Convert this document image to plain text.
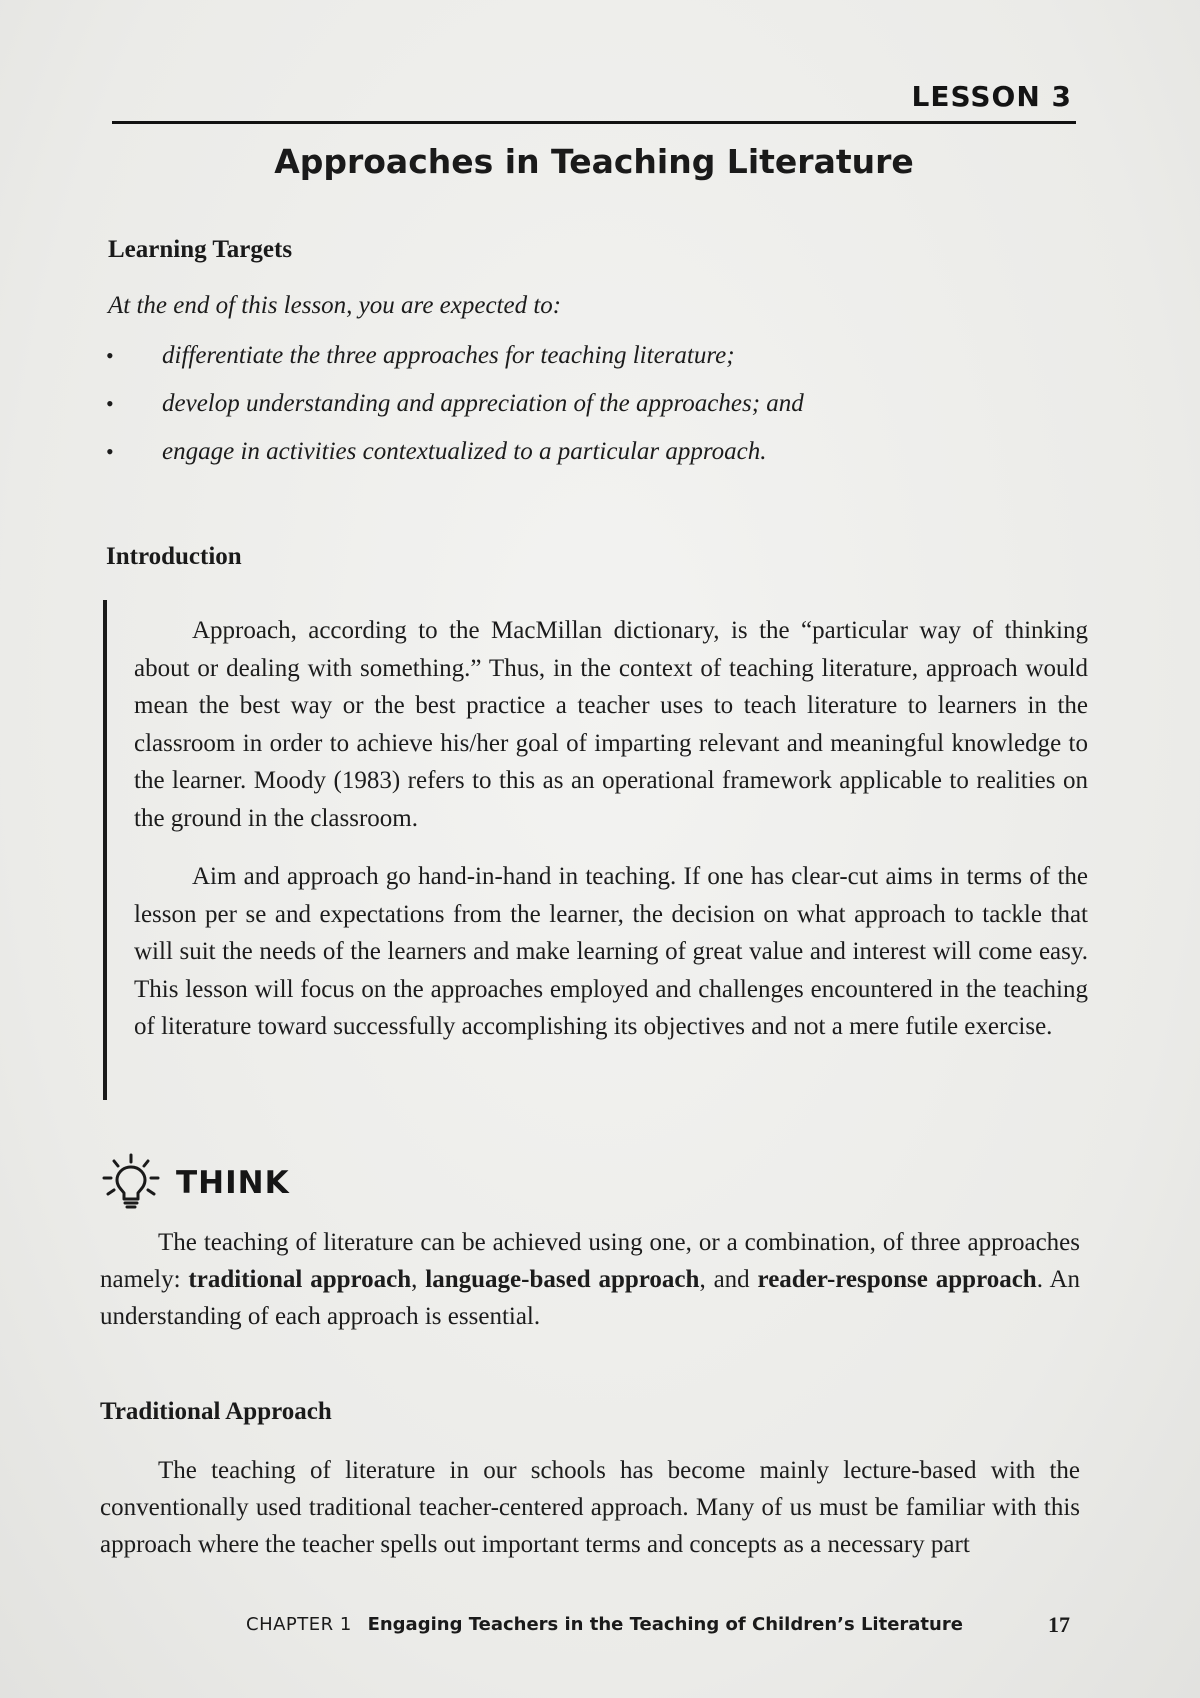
LESSON 3
Approaches in Teaching Literature
Learning Targets

At the end of this lesson, you are expected to:

• differentiate the three approaches for teaching literature;
• develop understanding and appreciation of the approaches; and
• engage in activities contextualized to a particular approach.
Introduction

Approach, according to the MacMillan dictionary, is the “particular way of thinking about or dealing with something.” Thus, in the context of teaching literature, approach would mean the best way or the best practice a teacher uses to teach literature to learners in the classroom in order to achieve his/her goal of imparting relevant and meaningful knowledge to the learner. Moody (1983) refers to this as an operational framework applicable to realities on the ground in the classroom.

Aim and approach go hand-in-hand in teaching. If one has clear-cut aims in terms of the lesson per se and expectations from the learner, the decision on what approach to tackle that will suit the needs of the learners and make learning of great value and interest will come easy. This lesson will focus on the approaches employed and challenges encountered in the teaching of literature toward successfully accomplishing its objectives and not a mere futile exercise.

THINK

The teaching of literature can be achieved using one, or a combination, of three approaches namely: traditional approach, language-based approach, and reader-response approach. An understanding of each approach is essential.

Traditional Approach

The teaching of literature in our schools has become mainly lecture-based with the conventionally used traditional teacher-centered approach. Many of us must be familiar with this approach where the teacher spells out important terms and concepts as a necessary part

CHAPTER 1 Engaging Teachers in the Teaching of Children’s Literature	17
